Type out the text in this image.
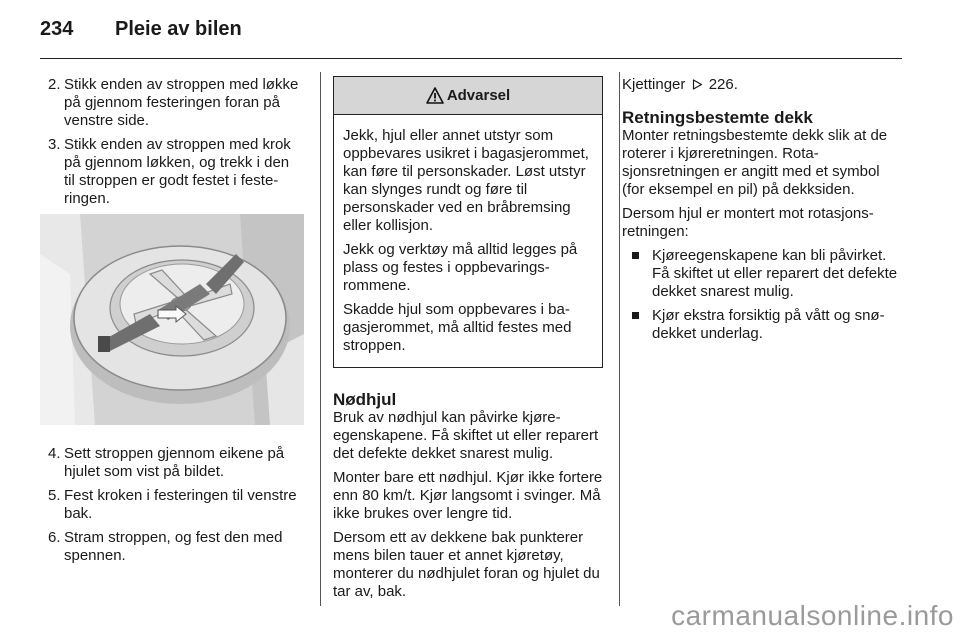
234 Pleie av bilen
2. Stikk enden av stroppen med løkke på gjennom festeringen foran på venstre side.
3. Stikk enden av stroppen med krok på gjennom løkken, og trekk i den til stroppen er godt festet i festeringen.
4. Sett stroppen gjennom eikene på hjulet som vist på bildet.
5. Fest kroken i festeringen til venstre bak.
6. Stram stroppen, og fest den med spennen.
Advarsel

Jekk, hjul eller annet utstyr som oppbevares usikret i bagasjerommet, kan føre til personskader. Løst utstyr kan slynges rundt og føre til personskader ved en bråbremsing eller kollisjon.

Jekk og verktøy må alltid legges på plass og festes i oppbevaringsrommene.

Skadde hjul som oppbevares i bagasjerommet, må alltid festes med stroppen.

Nødhjul

Bruk av nødhjul kan påvirke kjøreegenskapene. Få skiftet ut eller reparert det defekte dekket snarest mulig.

Monter bare ett nødhjul. Kjør ikke fortere enn 80 km/t. Kjør langsomt i svinger. Må ikke brukes over lengre tid.

Dersom ett av dekkene bak punkterer mens bilen tauer et annet kjøretøy, monterer du nødhjulet foran og hjulet du tar av, bak.

Kjettinger 226.

Retningsbestemte dekk

Monter retningsbestemte dekk slik at de roterer i kjøreretningen. Rotasjonsretningen er angitt med et symbol (for eksempel en pil) på dekksiden.

Dersom hjul er montert mot rotasjonsretningen:

Kjøreegenskapene kan bli påvirket. Få skiftet ut eller reparert det defekte dekket snarest mulig.
Kjør ekstra forsiktig på vått og snødekket underlag.
carmanualsonline.info
